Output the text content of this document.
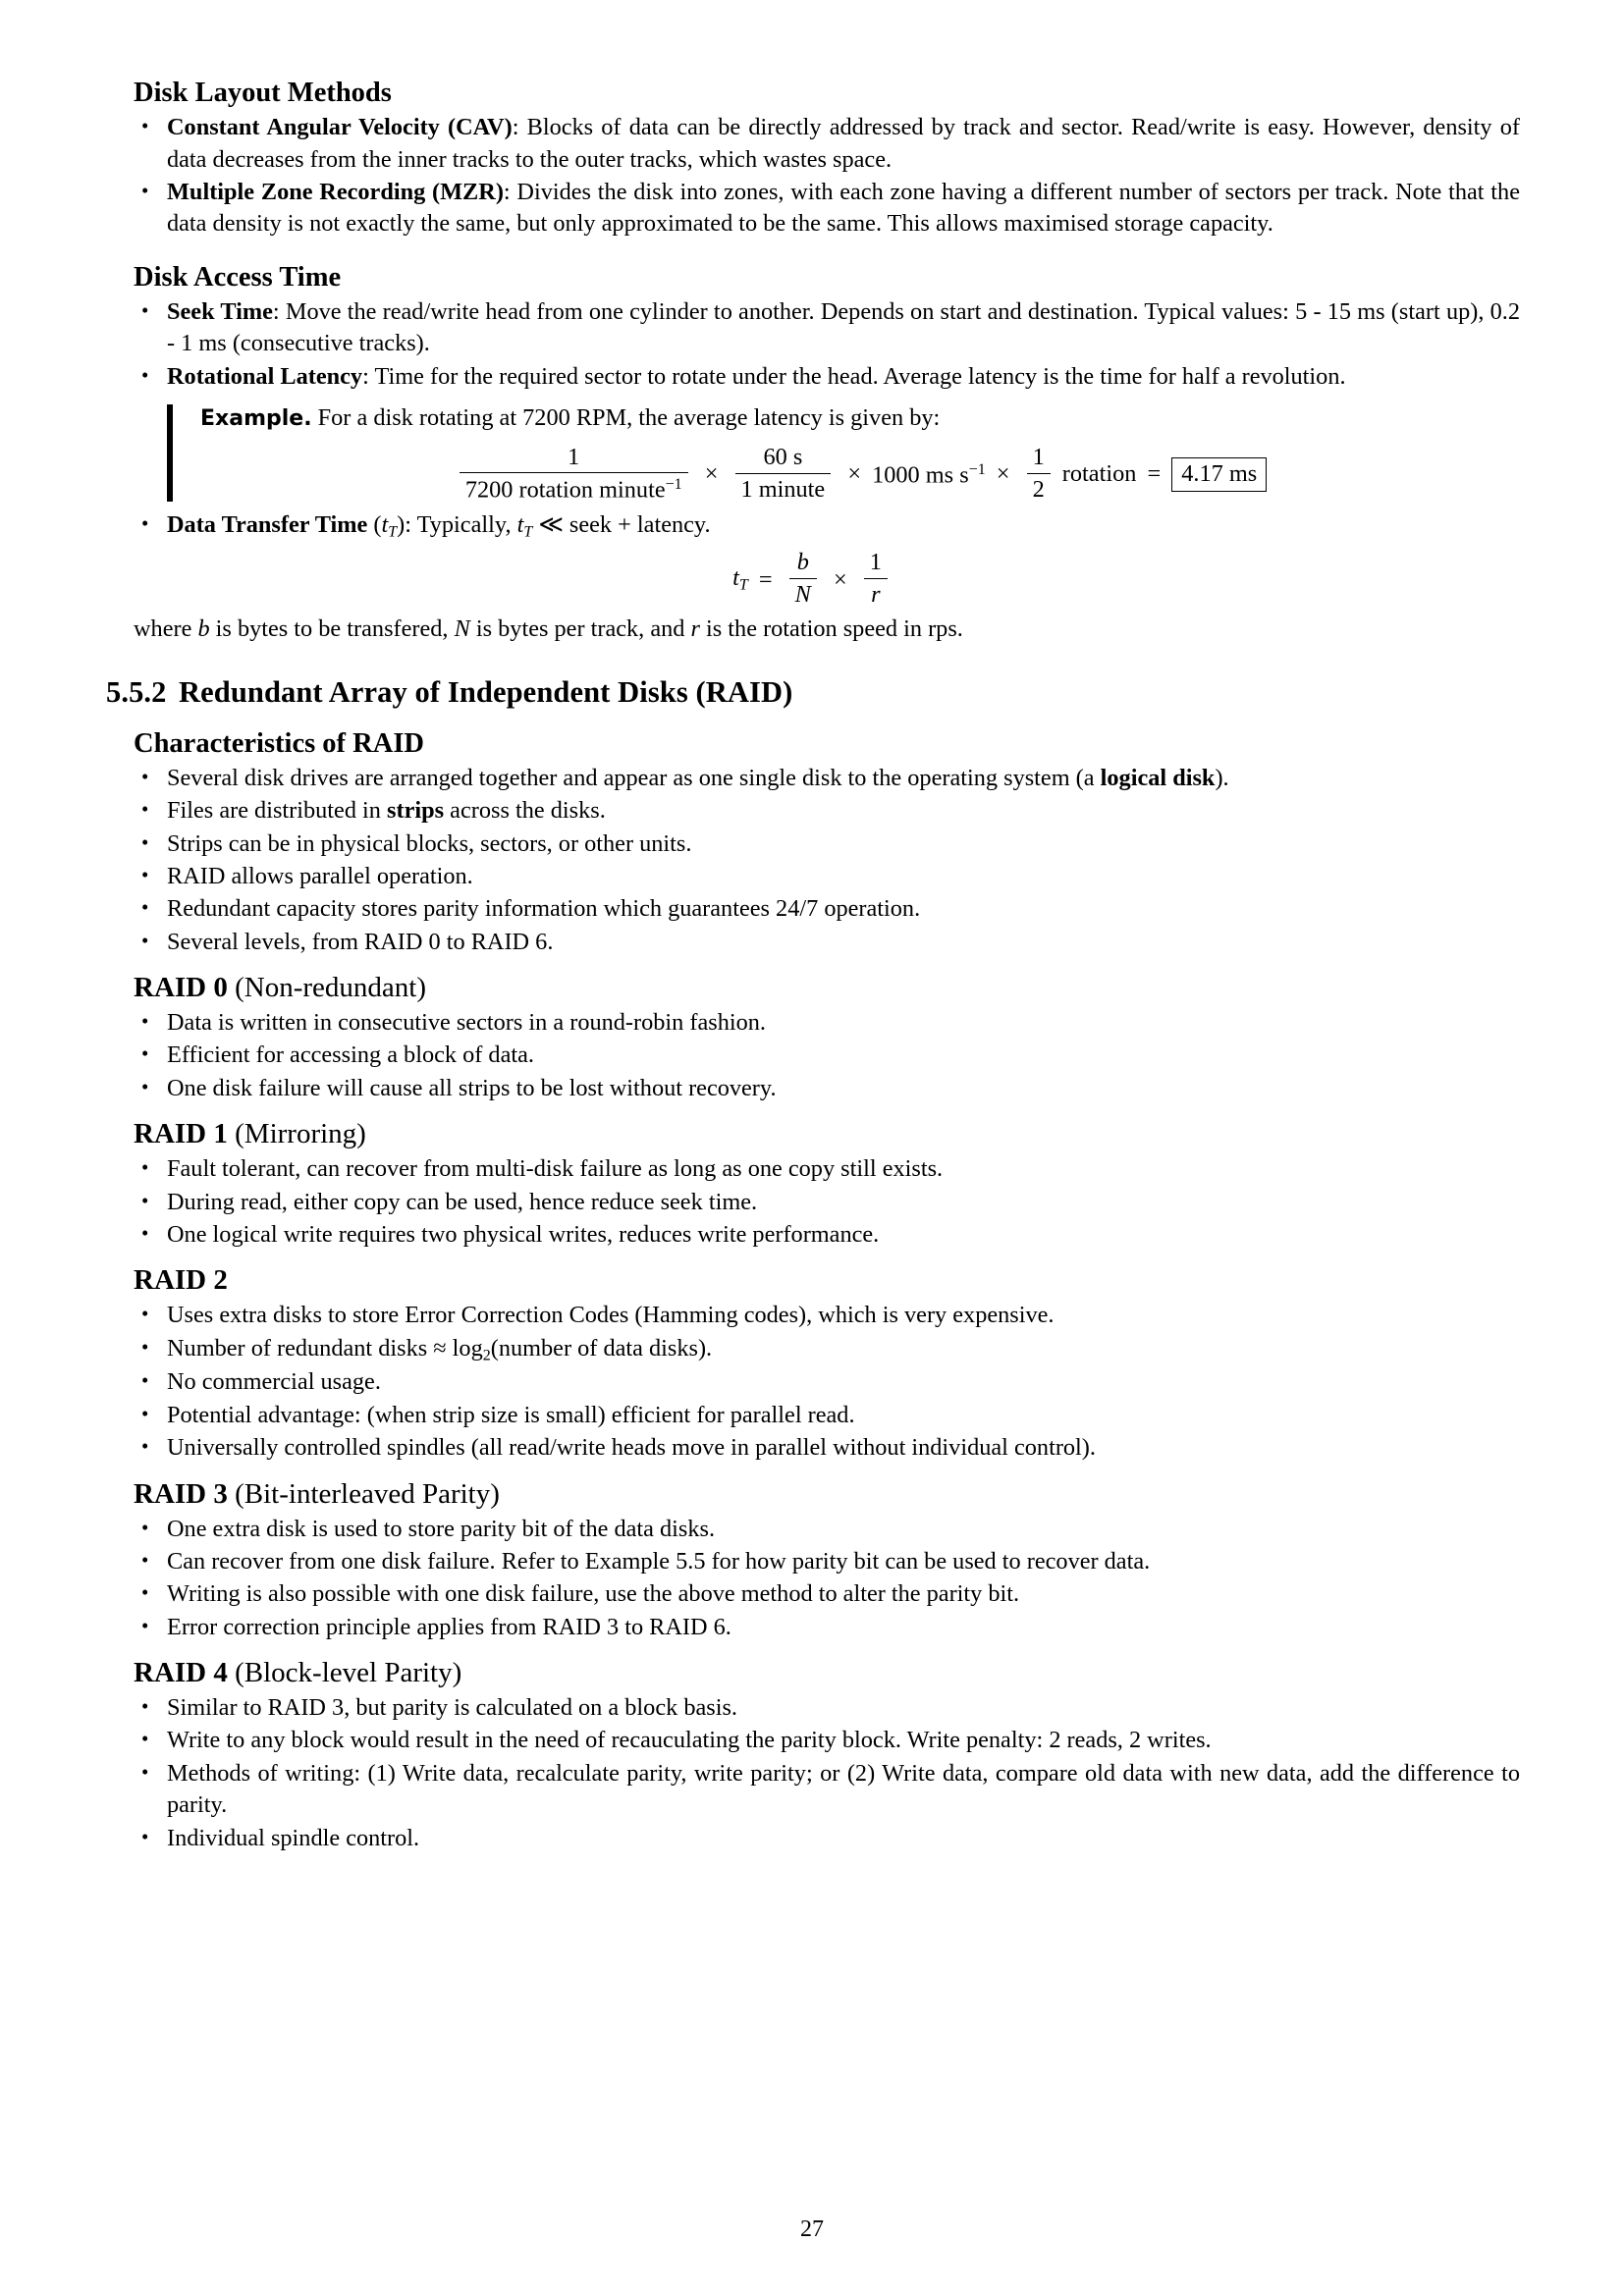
Disk Layout Methods
• Constant Angular Velocity (CAV): Blocks of data can be directly addressed by track and sector. Read/write is easy. However, density of data decreases from the inner tracks to the outer tracks, which wastes space.
• Multiple Zone Recording (MZR): Divides the disk into zones, with each zone having a different number of sectors per track. Note that the data density is not exactly the same, but only approximated to be the same. This allows maximised storage capacity.
Disk Access Time
• Seek Time: Move the read/write head from one cylinder to another. Depends on start and destination. Typical values: 5 - 15 ms (start up), 0.2 - 1 ms (consecutive tracks).
• Rotational Latency: Time for the required sector to rotate under the head. Average latency is the time for half a revolution.
Example. For a disk rotating at 7200 RPM, the average latency is given by:
$\frac{1}{7200 rotation minute^{-1}} \times \frac{60 s}{\text{1 minute}} \times 1000$ ms $s^{-1} \times \frac{1}{2}$ rotation = 4.17 ms
• Data Transfer Time $(t_T)$: Typically, $t_T$ ≪ seek + latency.
$t_T = \frac{b}{N} \times \frac{1}{r}$
where b is bytes to be transfered, N is bytes per track, and r is the rotation speed in rps.
5.5.2 Redundant Array of Independent Disks (RAID)
Characteristics of RAID
• Several disk drives are arranged together and appear as one single disk to the operating system (a logical disk).
• Files are distributed in strips across the disks.
• Strips can be in physical blocks, sectors, or other units.
• RAID allows parallel operation.
• Redundant capacity stores parity information which guarantees 24/7 operation.
• Several levels, from RAID 0 to RAID 6.
RAID 0 (Non-redundant)
• Data is written in consecutive sectors in a round-robin fashion.
• Efficient for accessing a block of data.
• One disk failure will cause all strips to be lost without recovery.
RAID 1 (Mirroring)
• Fault tolerant, can recover from multi-disk failure as long as one copy still exists.
• During read, either copy can be used, hence reduce seek time.
• One logical write requires two physical writes, reduces write performance.
RAID 2
• Uses extra disks to store Error Correction Codes (Hamming codes), which is very expensive.
• Number of redundant disks ≈ log2(number of data disks).
• No commercial usage.
• Potential advantage: (when strip size is small) efficient for parallel read.
• Universally controlled spindles (all read/write heads move in parallel without individual control).
RAID 3 (Bit-interleaved Parity)
• One extra disk is used to store parity bit of the data disks.
• Can recover from one disk failure. Refer to Example 5.5 for how parity bit can be used to recover data.
• Writing is also possible with one disk failure, use the above method to alter the parity bit.
• Error correction principle applies from RAID 3 to RAID 6.
RAID 4 (Block-level Parity)
• Similar to RAID 3, but parity is calculated on a block basis.
• Write to any block would result in the need of recauculating the parity block. Write penalty: 2 reads, 2 writes.
• Methods of writing: (1) Write data, recalculate parity, write parity; or (2) Write data, compare old data with new data, add the difference to parity.
• Individual spindle control.
27
